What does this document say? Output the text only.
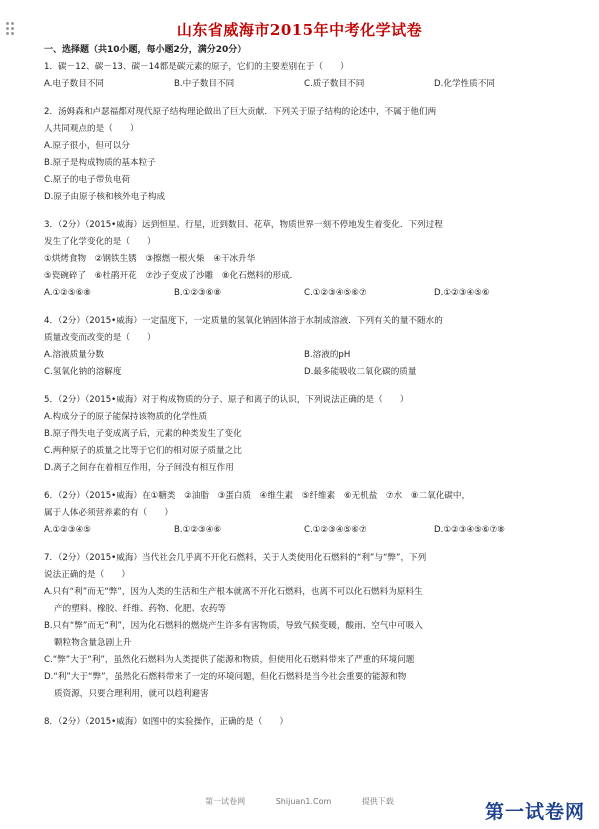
山东省威海市2015年中考化学试卷
一、选择题（共10小题，每小题2分，满分20分）
1．碳－12、碳－13、碳－14都是碳元素的原子，它们的主要差别在于（　　）
A.电子数目不同	B.中子数目不同	C.质子数目不同	D.化学性质不同
2．汤姆森和卢瑟福都对现代原子结构理论做出了巨大贡献．下列关于原子结构的论述中，不属于他们两
人共同观点的是（　　）
A.原子很小，但可以分
B.原子是构成物质的基本粒子
C.原子的电子带负电荷
D.原子由原子核和核外电子构成
3．（2分）（2015•威海）远到恒星、行星，近到数目、花草，物质世界一刻不停地发生着变化．下列过程
发生了化学变化的是（　　）
①烘烤食物　②钢铁生锈　③擦燃一根火柴　④干冰升华
⑤瓷碗碎了　⑥杜鹃开花　⑦沙子变成了沙雕　⑧化石燃料的形成．
A.①②⑤⑥⑧	B.①②③⑥⑧	C.①②③④⑤⑥⑦	D.①②③④⑤⑥
4．（2分）（2015•威海）一定温度下，一定质量的氢氧化钠固体溶于水制成溶液．下列有关的量不随水的
质量改变而改变的是（　　）
A.溶液质量分数	B.溶液的pH
C.氢氧化钠的溶解度	D.最多能吸收二氧化碳的质量
5．（2分）（2015•威海）对于构成物质的分子、原子和离子的认识，下列说法正确的是（　　）
A.构成分子的原子能保持该物质的化学性质
B.原子得失电子变成离子后，元素的种类发生了变化
C.两种原子的质量之比等于它们的相对原子质量之比
D.离子之间存在着相互作用，分子间没有相互作用
6．（2分）（2015•威海）在①糖类　②油脂　③蛋白质　④维生素　⑤纤维素　⑥无机盐　⑦水　⑧二氧化碳中，
属于人体必须营养素的有（　　）
A.①②③④⑤	B.①②③④⑥	C.①②③④⑤⑥⑦	D.①②③④⑤⑥⑦⑧
7．（2分）（2015•威海）当代社会几乎离不开化石燃料，关于人类使用化石燃料的“利”与“弊”，下列
说法正确的是（　　）
A.只有“利”而无“弊”，因为人类的生活和生产根本就离不开化石燃料，也离不可以化石燃料为原料生
产的塑料、橡胶、纤维、药物、化肥、农药等
B.只有“弊”而无“利”，因为化石燃料的燃烧产生许多有害物质，导致气候变暖，酸雨、空气中可吸入
颗粒物含量急剧上升
C.“弊”大于“利”，虽然化石燃料为人类提供了能源和物质，但使用化石燃料带来了严重的环境问题
D.“利”大于“弊”，虽然化石燃料带来了一定的环境问题，但化石燃料是当今社会重要的能源和物
质资源，只要合理利用，就可以趋利避害
8．（2分）（2015•威海）如图中的实验操作，正确的是（　　）
第一试卷网	Shijuan1.Com	提供下载	第一试卷网
